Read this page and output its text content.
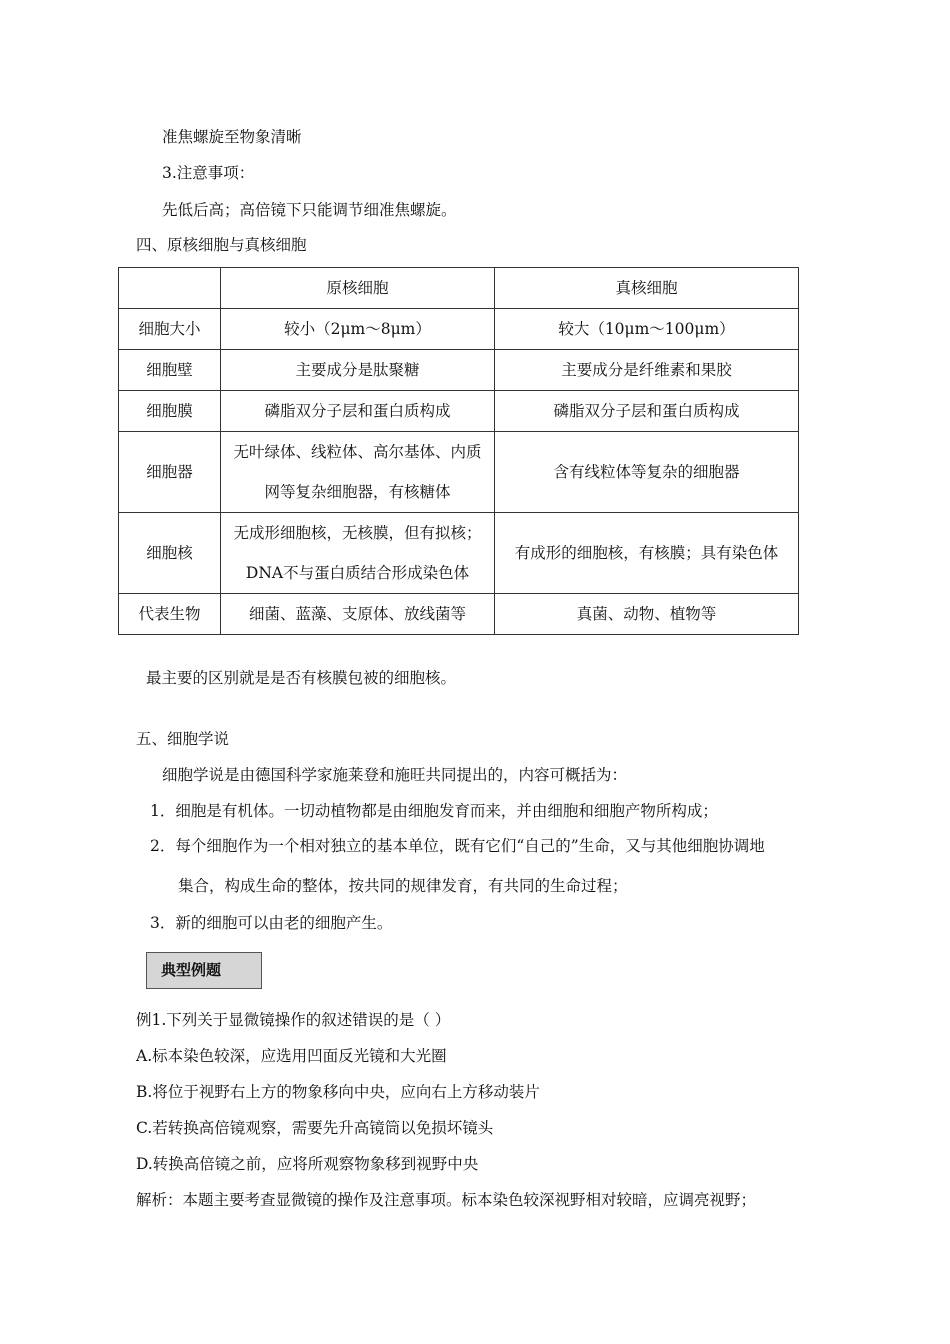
准焦螺旋至物象清晰
3.注意事项：
先低后高；高倍镜下只能调节细准焦螺旋。
四、原核细胞与真核细胞
	原核细胞	真核细胞
细胞大小	较小（2μm～8μm）	较大（10μm～100μm）
细胞壁	主要成分是肽聚糖	主要成分是纤维素和果胶
细胞膜	磷脂双分子层和蛋白质构成	磷脂双分子层和蛋白质构成
细胞器	无叶绿体、线粒体、高尔基体、内质网等复杂细胞器，有核糖体	含有线粒体等复杂的细胞器
细胞核	无成形细胞核，无核膜，但有拟核；DNA不与蛋白质结合形成染色体	有成形的细胞核，有核膜；具有染色体
代表生物	细菌、蓝藻、支原体、放线菌等	真菌、动物、植物等
最主要的区别就是是否有核膜包被的细胞核。
五、细胞学说
细胞学说是由德国科学家施莱登和施旺共同提出的，内容可概括为：
1．细胞是有机体。一切动植物都是由细胞发育而来，并由细胞和细胞产物所构成；
2．每个细胞作为一个相对独立的基本单位，既有它们“自己的”生命，又与其他细胞协调地
集合，构成生命的整体，按共同的规律发育，有共同的生命过程；
3．新的细胞可以由老的细胞产生。
典型例题
例1.下列关于显微镜操作的叙述错误的是（ ）
A.标本染色较深，应选用凹面反光镜和大光圈
B.将位于视野右上方的物象移向中央，应向右上方移动装片
C.若转换高倍镜观察，需要先升高镜筒以免损坏镜头
D.转换高倍镜之前，应将所观察物象移到视野中央
解析：本题主要考查显微镜的操作及注意事项。标本染色较深视野相对较暗，应调亮视野；
